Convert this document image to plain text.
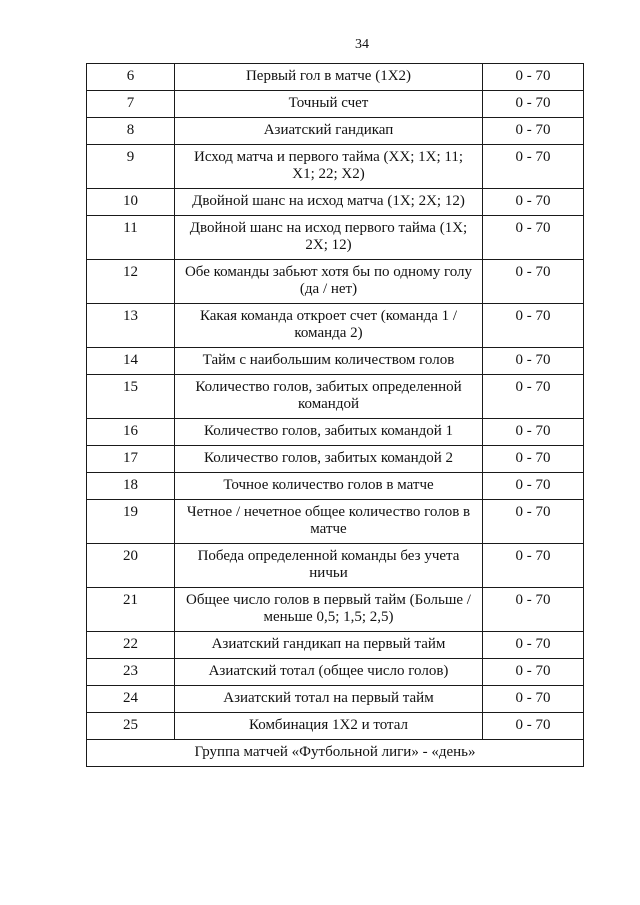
34
6	Первый гол в матче (1Х2)	0 - 70
7	Точный счет	0 - 70
8	Азиатский гандикап	0 - 70
9	Исход матча и первого тайма (XX; 1X; 11; X1; 22; X2)	0 - 70
10	Двойной шанс на исход матча (1X; 2X; 12)	0 - 70
11	Двойной шанс на исход первого тайма (1X; 2X; 12)	0 - 70
12	Обе команды забьют хотя бы по одному голу (да / нет)	0 - 70
13	Какая команда откроет счет (команда 1 / команда 2)	0 - 70
14	Тайм с наибольшим количеством голов	0 - 70
15	Количество голов, забитых определенной командой	0 - 70
16	Количество голов, забитых командой 1	0 - 70
17	Количество голов, забитых командой 2	0 - 70
18	Точное количество голов в матче	0 - 70
19	Четное / нечетное общее количество голов в матче	0 - 70
20	Победа определенной команды без учета ничьи	0 - 70
21	Общее число голов в первый тайм (Больше / меньше 0,5; 1,5; 2,5)	0 - 70
22	Азиатский гандикап на первый тайм	0 - 70
23	Азиатский тотал (общее число голов)	0 - 70
24	Азиатский тотал на первый тайм	0 - 70
25	Комбинация 1Х2 и тотал	0 - 70
Группа матчей «Футбольной лиги» - «день»		
